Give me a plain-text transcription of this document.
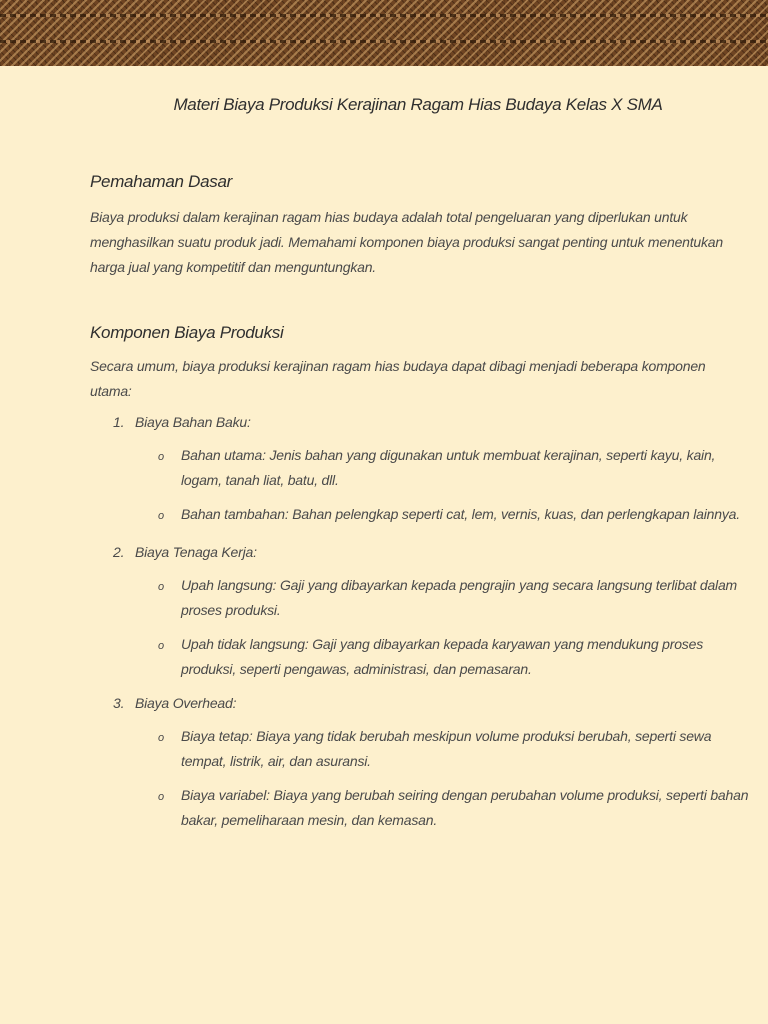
Materi Biaya Produksi Kerajinan Ragam Hias Budaya Kelas X SMA
Pemahaman Dasar

Biaya produksi dalam kerajinan ragam hias budaya adalah total pengeluaran yang diperlukan untuk menghasilkan suatu produk jadi. Memahami komponen biaya produksi sangat penting untuk menentukan harga jual yang kompetitif dan menguntungkan.

Komponen Biaya Produksi

Secara umum, biaya produksi kerajinan ragam hias budaya dapat dibagi menjadi beberapa komponen utama:

1. Biaya Bahan Baku:
o	Bahan utama: Jenis bahan yang digunakan untuk membuat kerajinan, seperti kayu, kain, logam, tanah liat, batu, dll.
o	Bahan tambahan: Bahan pelengkap seperti cat, lem, vernis, kuas, dan perlengkapan lainnya.
2. Biaya Tenaga Kerja:
o	Upah langsung: Gaji yang dibayarkan kepada pengrajin yang secara langsung terlibat dalam proses produksi.
o	Upah tidak langsung: Gaji yang dibayarkan kepada karyawan yang mendukung proses produksi, seperti pengawas, administrasi, dan pemasaran.
3. Biaya Overhead:
o	Biaya tetap: Biaya yang tidak berubah meskipun volume produksi berubah, seperti sewa tempat, listrik, air, dan asuransi.
o	Biaya variabel: Biaya yang berubah seiring dengan perubahan volume produksi, seperti bahan bakar, pemeliharaan mesin, dan kemasan.
